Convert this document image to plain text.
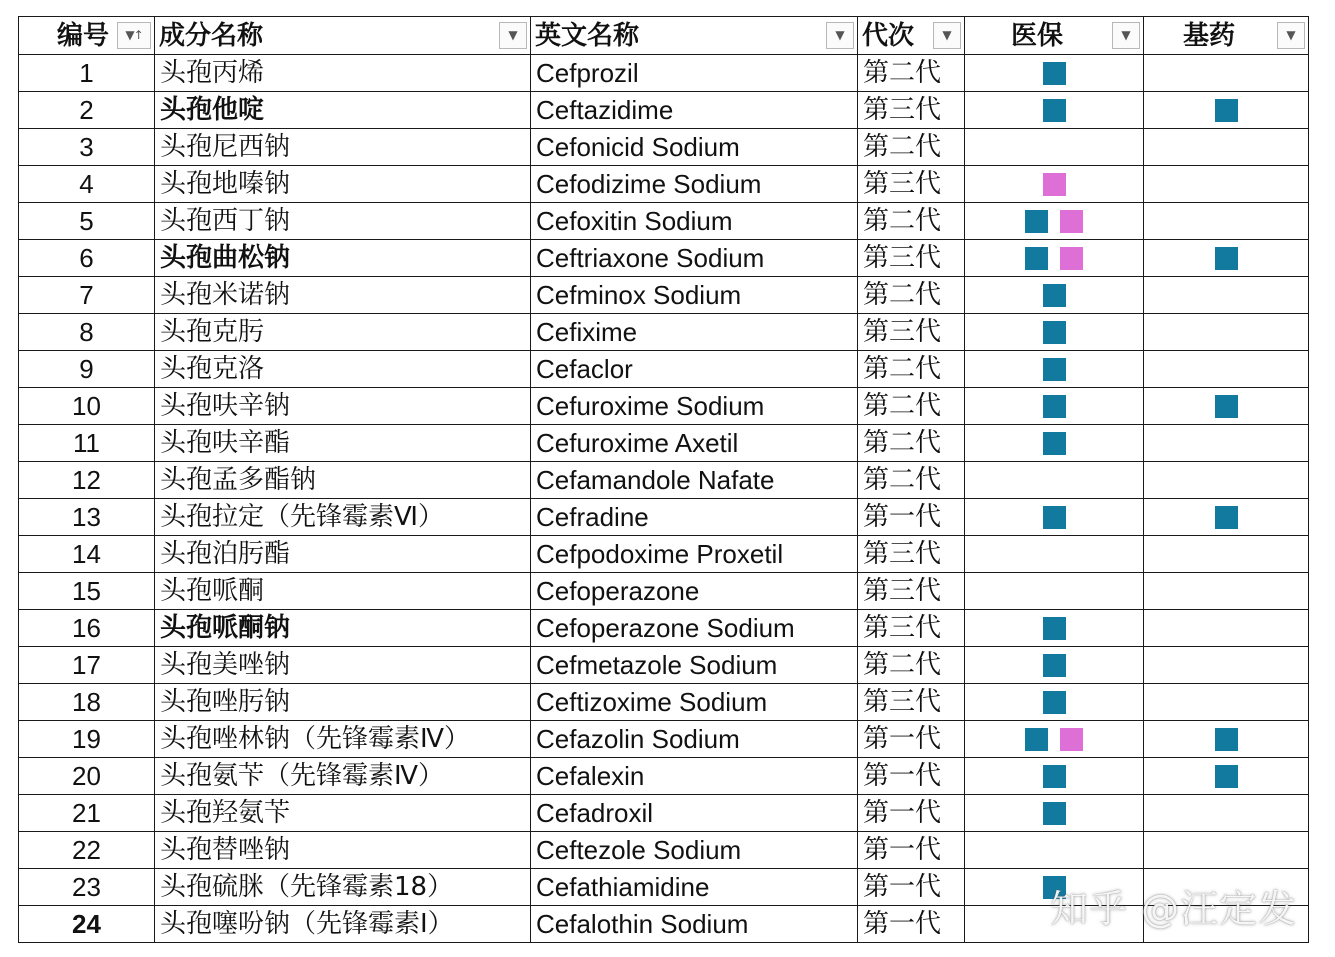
编号 ▼↑	成分名称 ▼	英文名称 ▼	代次 ▼	医保 ▼	基药 ▼

1	头孢丙烯	Cefprozil	第二代		
2	头孢他啶	Ceftazidime	第三代		
3	头孢尼西钠	Cefonicid Sodium	第二代		
4	头孢地嗪钠	Cefodizime Sodium	第三代		
5	头孢西丁钠	Cefoxitin Sodium	第二代		
6	头孢曲松钠	Ceftriaxone Sodium	第三代		
7	头孢米诺钠	Cefminox Sodium	第二代		
8	头孢克肟	Cefixime	第三代		
9	头孢克洛	Cefaclor	第二代		
10	头孢呋辛钠	Cefuroxime Sodium	第二代		
11	头孢呋辛酯	Cefuroxime Axetil	第二代		
12	头孢孟多酯钠	Cefamandole Nafate	第二代		
13	头孢拉定（先锋霉素Ⅵ）	Cefradine	第一代		
14	头孢泊肟酯	Cefpodoxime Proxetil	第三代		
15	头孢哌酮	Cefoperazone	第三代		
16	头孢哌酮钠	Cefoperazone Sodium	第三代		
17	头孢美唑钠	Cefmetazole Sodium	第二代		
18	头孢唑肟钠	Ceftizoxime Sodium	第三代		
19	头孢唑林钠（先锋霉素Ⅳ）	Cefazolin Sodium	第一代		
20	头孢氨苄（先锋霉素Ⅳ）	Cefalexin	第一代		
21	头孢羟氨苄	Cefadroxil	第一代		
22	头孢替唑钠	Ceftezole Sodium	第一代		
23	头孢硫脒（先锋霉素18）	Cefathiamidine	第一代		
24	头孢噻吩钠（先锋霉素Ⅰ）	Cefalothin Sodium	第一代			知乎 @汪定发
